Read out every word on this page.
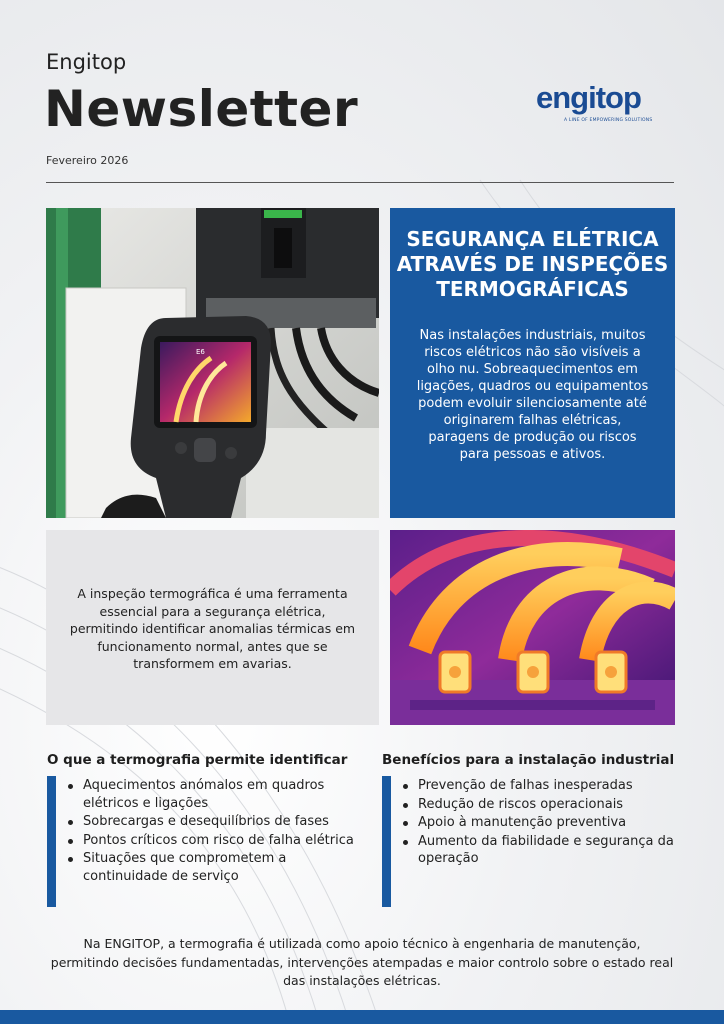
Engitop
Newsletter
Fevereiro 2026
engitop
A LINE OF EMPOWERING SOLUTIONS
E6
SEGURANÇA ELÉTRICA ATRAVÉS DE INSPEÇÕES TERMOGRÁFICAS

Nas instalações industriais, muitos riscos elétricos não são visíveis a olho nu. Sobreaquecimentos em ligações, quadros ou equipamentos podem evoluir silenciosamente até originarem falhas elétricas, paragens de produção ou riscos para pessoas e ativos.

A inspeção termográfica é uma ferramenta essencial para a segurança elétrica, permitindo identificar anomalias térmicas em funcionamento normal, antes que se transformem em avarias.

O que a termografia permite identificar	Benefícios para a instalação industrial
Aquecimentos anómalos em quadros elétricos e ligações
Sobrecargas e desequilíbrios de fases
Pontos críticos com risco de falha elétrica
Situações que comprometem a continuidade de serviço
Prevenção de falhas inesperadas
Redução de riscos operacionais
Apoio à manutenção preventiva
Aumento da fiabilidade e segurança da operação
Na ENGITOP, a termografia é utilizada como apoio técnico à engenharia de manutenção, permitindo decisões fundamentadas, intervenções atempadas e maior controlo sobre o estado real das instalações elétricas.
